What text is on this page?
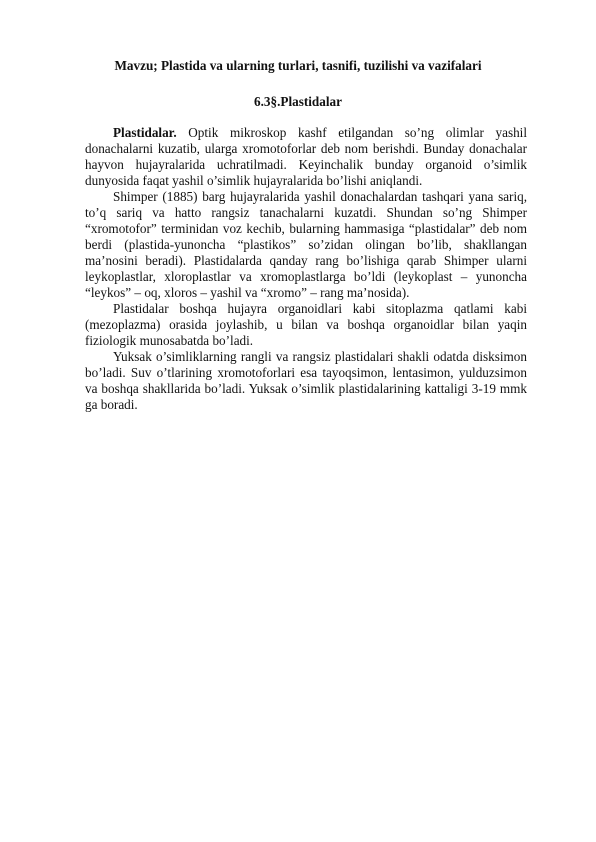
Mavzu; Plastida va ularning turlari, tasnifi, tuzilishi va vazifalari
6.3§.Plastidalar

Plastidalar. Optik mikroskop kashf etilgandan so’ng olimlar yashil donachalarni kuzatib, ularga xromotoforlar deb nom berishdi. Bunday donachalar hayvon hujayralarida uchratilmadi. Keyinchalik bunday organoid o’simlik dunyosida faqat yashil o’simlik hujayralarida bo’lishi aniqlandi.

Shimper (1885) barg hujayralarida yashil donachalardan tashqari yana sariq, to’q sariq va hatto rangsiz tanachalarni kuzatdi. Shundan so’ng Shimper “xromotofor” terminidan voz kechib, bularning hammasiga “plastidalar” deb nom berdi (plastida-yunoncha “plastikos” so’zidan olingan bo’lib, shakllangan ma’nosini beradi). Plastidalarda qanday rang bo’lishiga qarab Shimper ularni leykoplastlar, xloroplastlar va xromoplastlarga bo’ldi (leykoplast – yunoncha “leykos” – oq, xloros – yashil va “xromo” – rang ma’nosida).

Plastidalar boshqa hujayra organoidlari kabi sitoplazma qatlami kabi (mezoplazma) orasida joylashib, u bilan va boshqa organoidlar bilan yaqin fiziologik munosabatda bo’ladi.

Yuksak o’simliklarning rangli va rangsiz plastidalari shakli odatda disksimon bo’ladi. Suv o’tlarining xromotoforlari esa tayoqsimon, lentasimon, yulduzsimon va boshqa shakllarida bo’ladi. Yuksak o’simlik plastidalarining kattaligi 3-19 mmk ga boradi.
